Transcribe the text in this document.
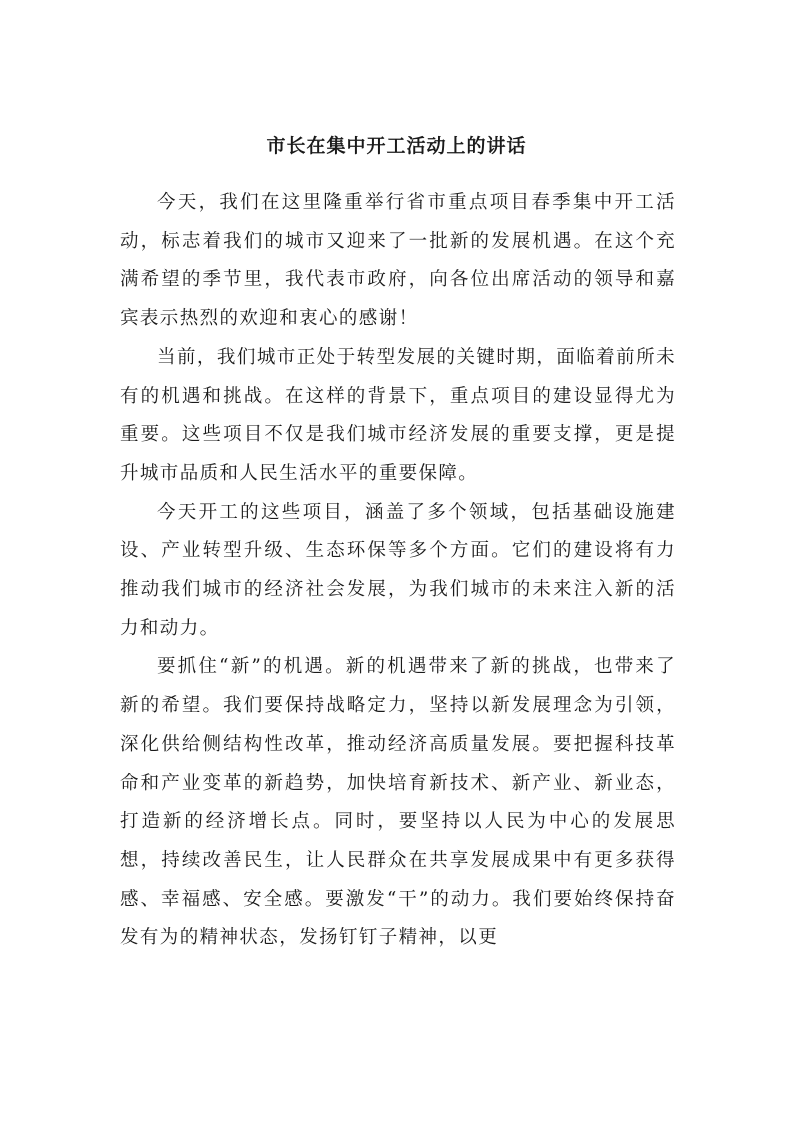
市长在集中开工活动上的讲话

今天，我们在这里隆重举行省市重点项目春季集中开工活动，标志着我们的城市又迎来了一批新的发展机遇。在这个充满希望的季节里，我代表市政府，向各位出席活动的领导和嘉宾表示热烈的欢迎和衷心的感谢！

当前，我们城市正处于转型发展的关键时期，面临着前所未有的机遇和挑战。在这样的背景下，重点项目的建设显得尤为重要。这些项目不仅是我们城市经济发展的重要支撑，更是提升城市品质和人民生活水平的重要保障。

今天开工的这些项目，涵盖了多个领域，包括基础设施建设、产业转型升级、生态环保等多个方面。它们的建设将有力推动我们城市的经济社会发展，为我们城市的未来注入新的活力和动力。

要抓住“新”的机遇。新的机遇带来了新的挑战，也带来了新的希望。我们要保持战略定力，坚持以新发展理念为引领，深化供给侧结构性改革，推动经济高质量发展。要把握科技革命和产业变革的新趋势，加快培育新技术、新产业、新业态，打造新的经济增长点。同时，要坚持以人民为中心的发展思想，持续改善民生，让人民群众在共享发展成果中有更多获得感、幸福感、安全感。要激发“干”的动力。我们要始终保持奋发有为的精神状态，发扬钉钉子精神，以更
